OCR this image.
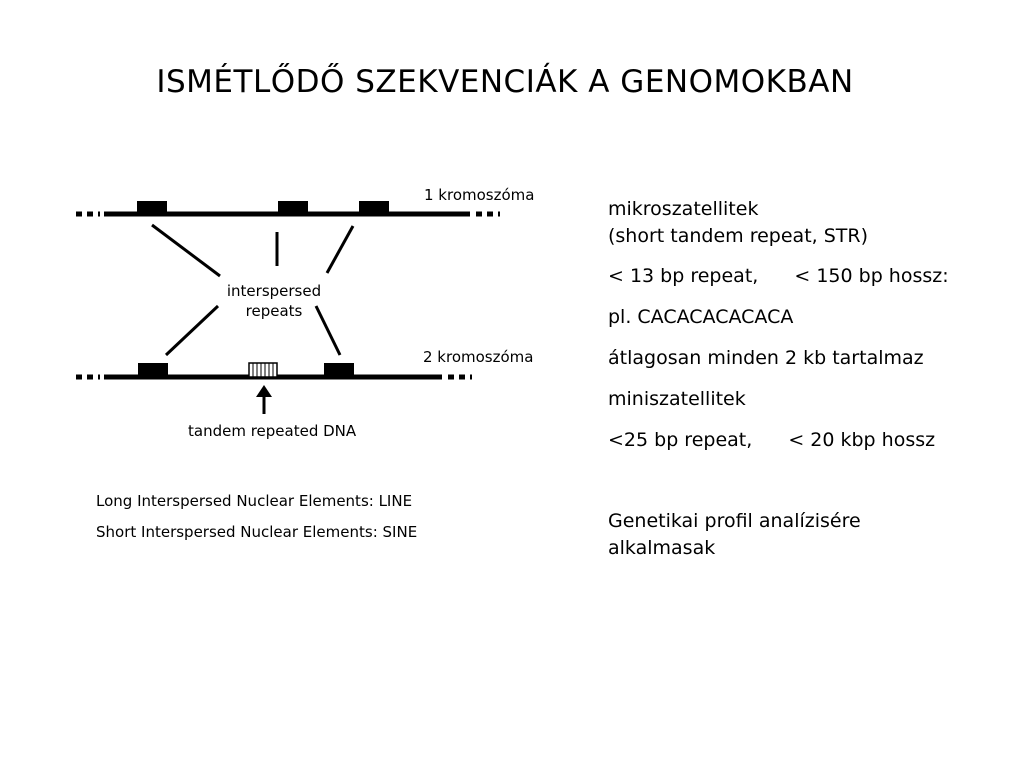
ISMÉTLŐDŐ SZEKVENCIÁK A GENOMOKBAN
1 kromoszóma
2 kromoszóma
interspersed
repeats
tandem repeated DNA
Long Interspersed Nuclear Elements: LINE
Short Interspersed Nuclear Elements: SINE
mikroszatellitek
(short tandem repeat, STR)
< 13 bp repeat, < 150 bp hossz:
pl. CACACACACACA
átlagosan minden 2 kb tartalmaz
miniszatellitek
<25 bp repeat, < 20 kbp hossz
Genetikai profil analízisére
alkalmasak
